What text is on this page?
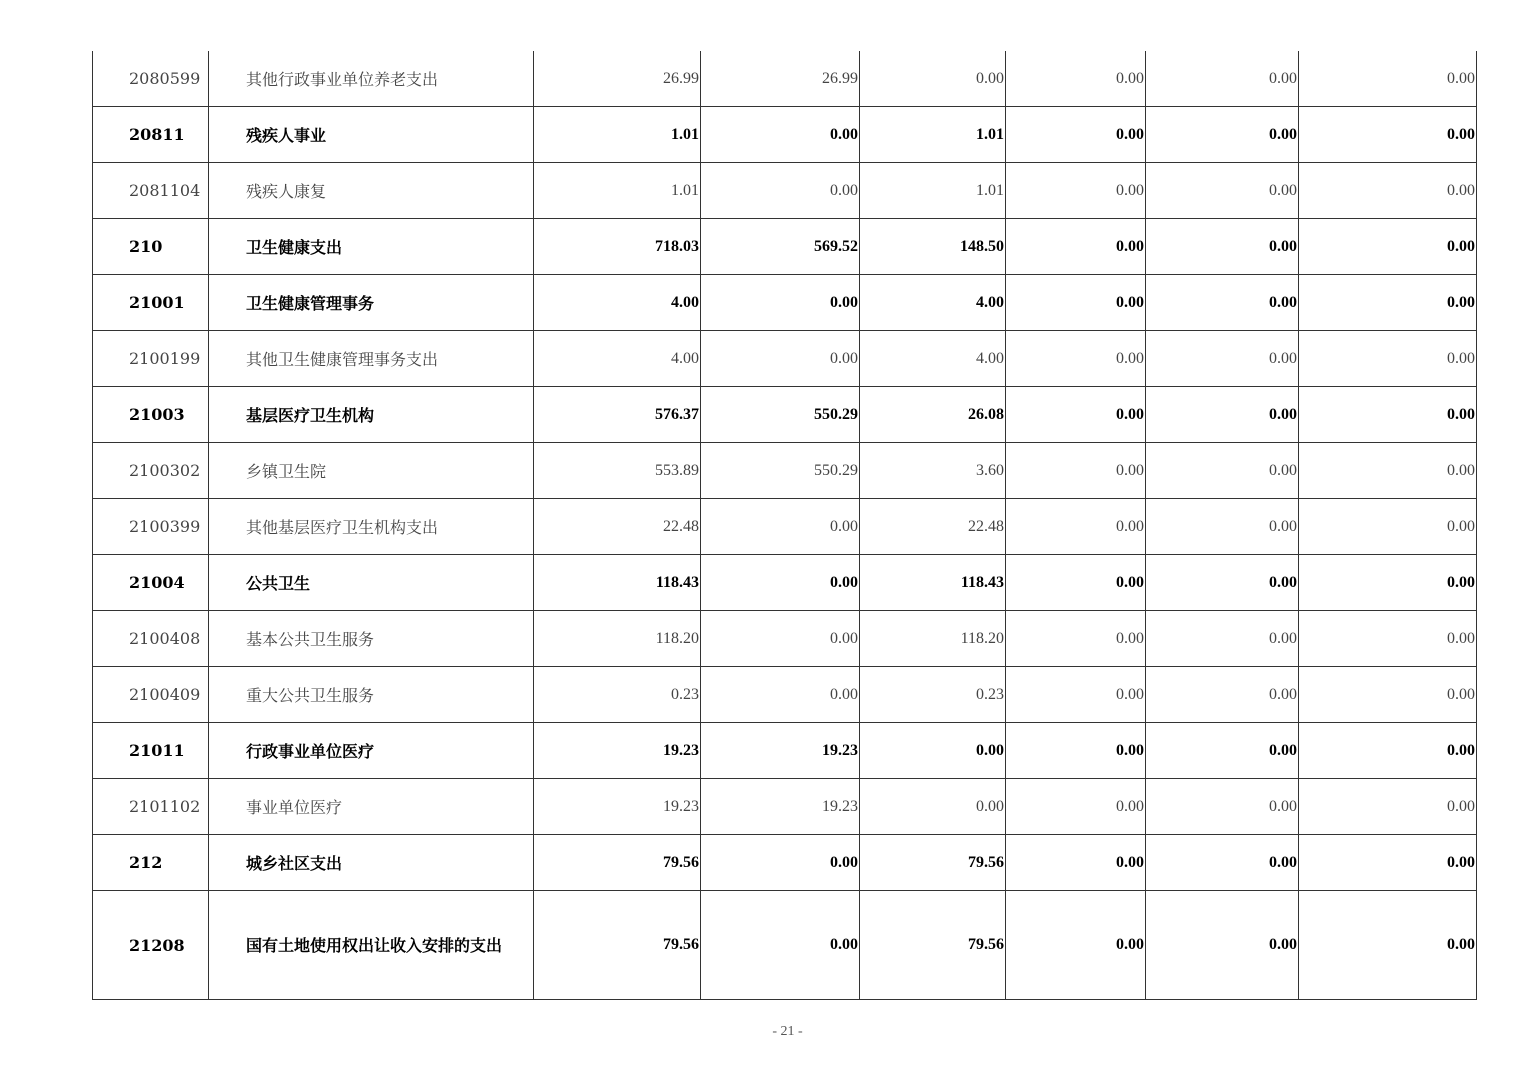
2080599	其他行政事业单位养老支出	26.99	26.99	0.00	0.00	0.00	0.00
20811	残疾人事业	1.01	0.00	1.01	0.00	0.00	0.00
2081104	残疾人康复	1.01	0.00	1.01	0.00	0.00	0.00
210	卫生健康支出	718.03	569.52	148.50	0.00	0.00	0.00
21001	卫生健康管理事务	4.00	0.00	4.00	0.00	0.00	0.00
2100199	其他卫生健康管理事务支出	4.00	0.00	4.00	0.00	0.00	0.00
21003	基层医疗卫生机构	576.37	550.29	26.08	0.00	0.00	0.00
2100302	乡镇卫生院	553.89	550.29	3.60	0.00	0.00	0.00
2100399	其他基层医疗卫生机构支出	22.48	0.00	22.48	0.00	0.00	0.00
21004	公共卫生	118.43	0.00	118.43	0.00	0.00	0.00
2100408	基本公共卫生服务	118.20	0.00	118.20	0.00	0.00	0.00
2100409	重大公共卫生服务	0.23	0.00	0.23	0.00	0.00	0.00
21011	行政事业单位医疗	19.23	19.23	0.00	0.00	0.00	0.00
2101102	事业单位医疗	19.23	19.23	0.00	0.00	0.00	0.00
212	城乡社区支出	79.56	0.00	79.56	0.00	0.00	0.00
21208	国有土地使用权出让收入安排的支出	79.56	0.00	79.56	0.00	0.00	0.00
- 21 -
